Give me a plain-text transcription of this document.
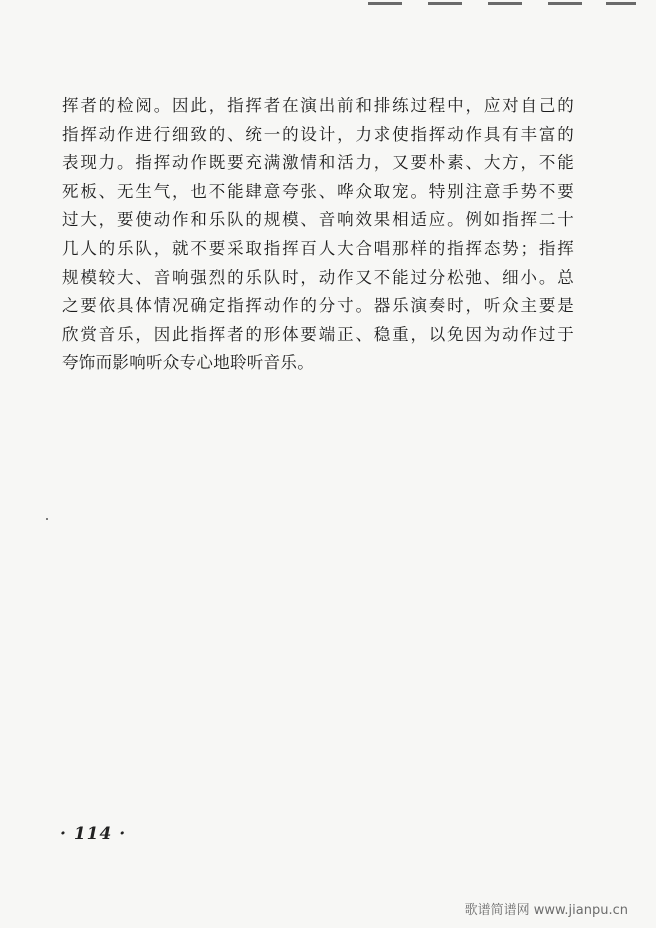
挥者的检阅。因此，指挥者在演出前和排练过程中，应对自己的
指挥动作进行细致的、统一的设计，力求使指挥动作具有丰富的
表现力。指挥动作既要充满激情和活力，又要朴素、大方，不能
死板、无生气，也不能肆意夸张、哗众取宠。特别注意手势不要
过大，要使动作和乐队的规模、音响效果相适应。例如指挥二十
几人的乐队，就不要采取指挥百人大合唱那样的指挥态势；指挥
规模较大、音响强烈的乐队时，动作又不能过分松弛、细小。总
之要依具体情况确定指挥动作的分寸。器乐演奏时，听众主要是
欣赏音乐，因此指挥者的形体要端正、稳重，以免因为动作过于
夸饰而影响听众专心地聆听音乐。
· 114 ·
歌谱简谱网 www.jianpu.cn
